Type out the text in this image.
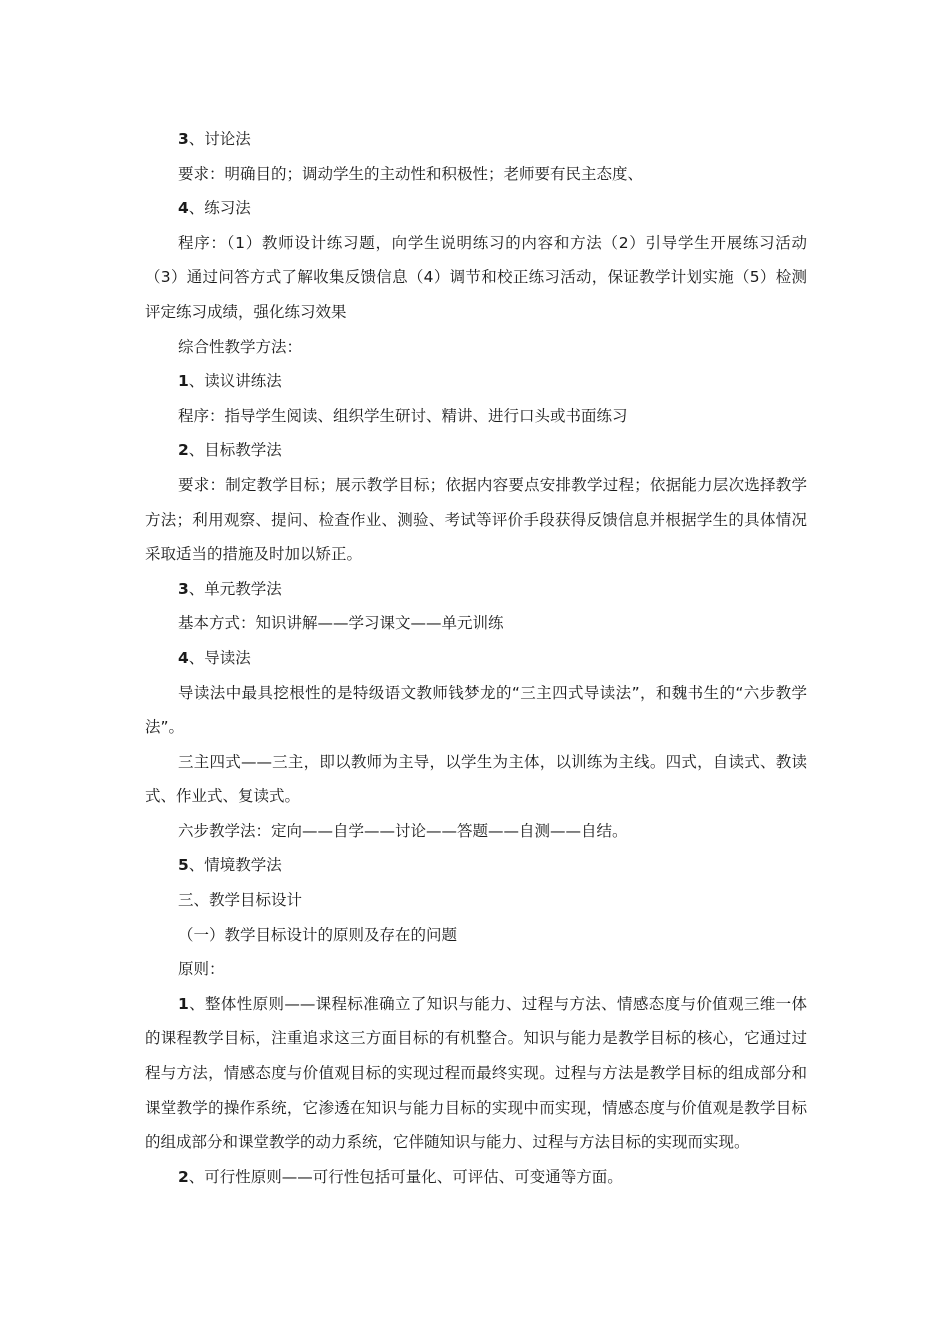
3、讨论法

要求：明确目的；调动学生的主动性和积极性；老师要有民主态度、

4、练习法

程序：（1）教师设计练习题，向学生说明练习的内容和方法（2）引导学生开展练习活动（3）通过问答方式了解收集反馈信息（4）调节和校正练习活动，保证教学计划实施（5）检测评定练习成绩，强化练习效果

综合性教学方法：

1、读议讲练法

程序：指导学生阅读、组织学生研讨、精讲、进行口头或书面练习

2、目标教学法

要求：制定教学目标；展示教学目标；依据内容要点安排教学过程；依据能力层次选择教学方法；利用观察、提问、检查作业、测验、考试等评价手段获得反馈信息并根据学生的具体情况采取适当的措施及时加以矫正。

3、单元教学法

基本方式：知识讲解——学习课文——单元训练

4、导读法

导读法中最具挖根性的是特级语文教师钱梦龙的“三主四式导读法”，和魏书生的“六步教学法”。

三主四式——三主，即以教师为主导，以学生为主体，以训练为主线。四式，自读式、教读式、作业式、复读式。

六步教学法：定向——自学——讨论——答题——自测——自结。

5、情境教学法

三、教学目标设计

（一）教学目标设计的原则及存在的问题

原则：

1、整体性原则——课程标准确立了知识与能力、过程与方法、情感态度与价值观三维一体的课程教学目标，注重追求这三方面目标的有机整合。知识与能力是教学目标的核心，它通过过程与方法，情感态度与价值观目标的实现过程而最终实现。过程与方法是教学目标的组成部分和课堂教学的操作系统，它渗透在知识与能力目标的实现中而实现，情感态度与价值观是教学目标的组成部分和课堂教学的动力系统，它伴随知识与能力、过程与方法目标的实现而实现。

2、可行性原则——可行性包括可量化、可评估、可变通等方面。
